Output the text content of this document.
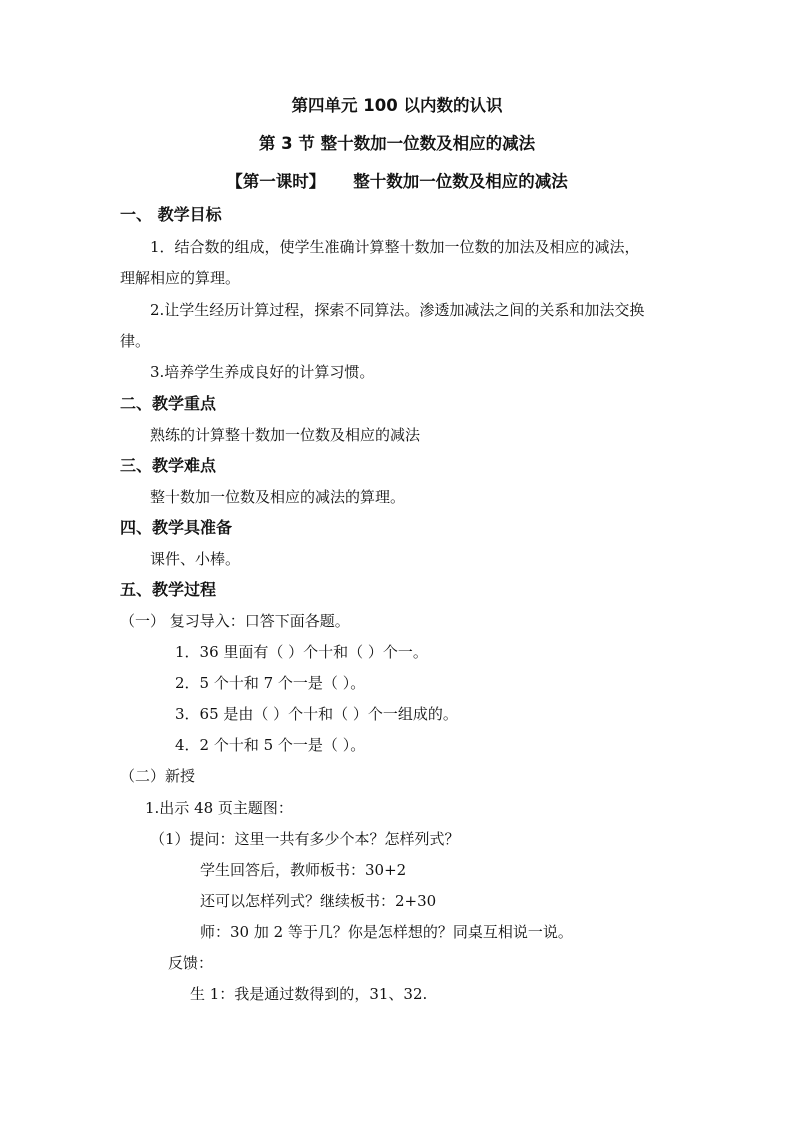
第四单元 100 以内数的认识
第 3 节 整十数加一位数及相应的减法
【第一课时】 整十数加一位数及相应的减法
一、 教学目标
1．结合数的组成，使学生准确计算整十数加一位数的加法及相应的减法，
理解相应的算理。
2.让学生经历计算过程，探索不同算法。渗透加减法之间的关系和加法交换
律。
3.培养学生养成良好的计算习惯。
二、教学重点
熟练的计算整十数加一位数及相应的减法
三、教学难点
整十数加一位数及相应的减法的算理。
四、教学具准备
课件、小棒。
五、教学过程
（一） 复习导入：口答下面各题。
1．36 里面有（ ）个十和（ ）个一。
2．5 个十和 7 个一是（ ）。
3．65 是由（ ）个十和（ ）个一组成的。
4．2 个十和 5 个一是（ ）。
（二）新授
1.出示 48 页主题图：
（1）提问：这里一共有多少个本？怎样列式？
学生回答后，教师板书：30+2
还可以怎样列式？继续板书：2+30
师：30 加 2 等于几？你是怎样想的？同桌互相说一说。
反馈：
生 1：我是通过数得到的，31、32.
